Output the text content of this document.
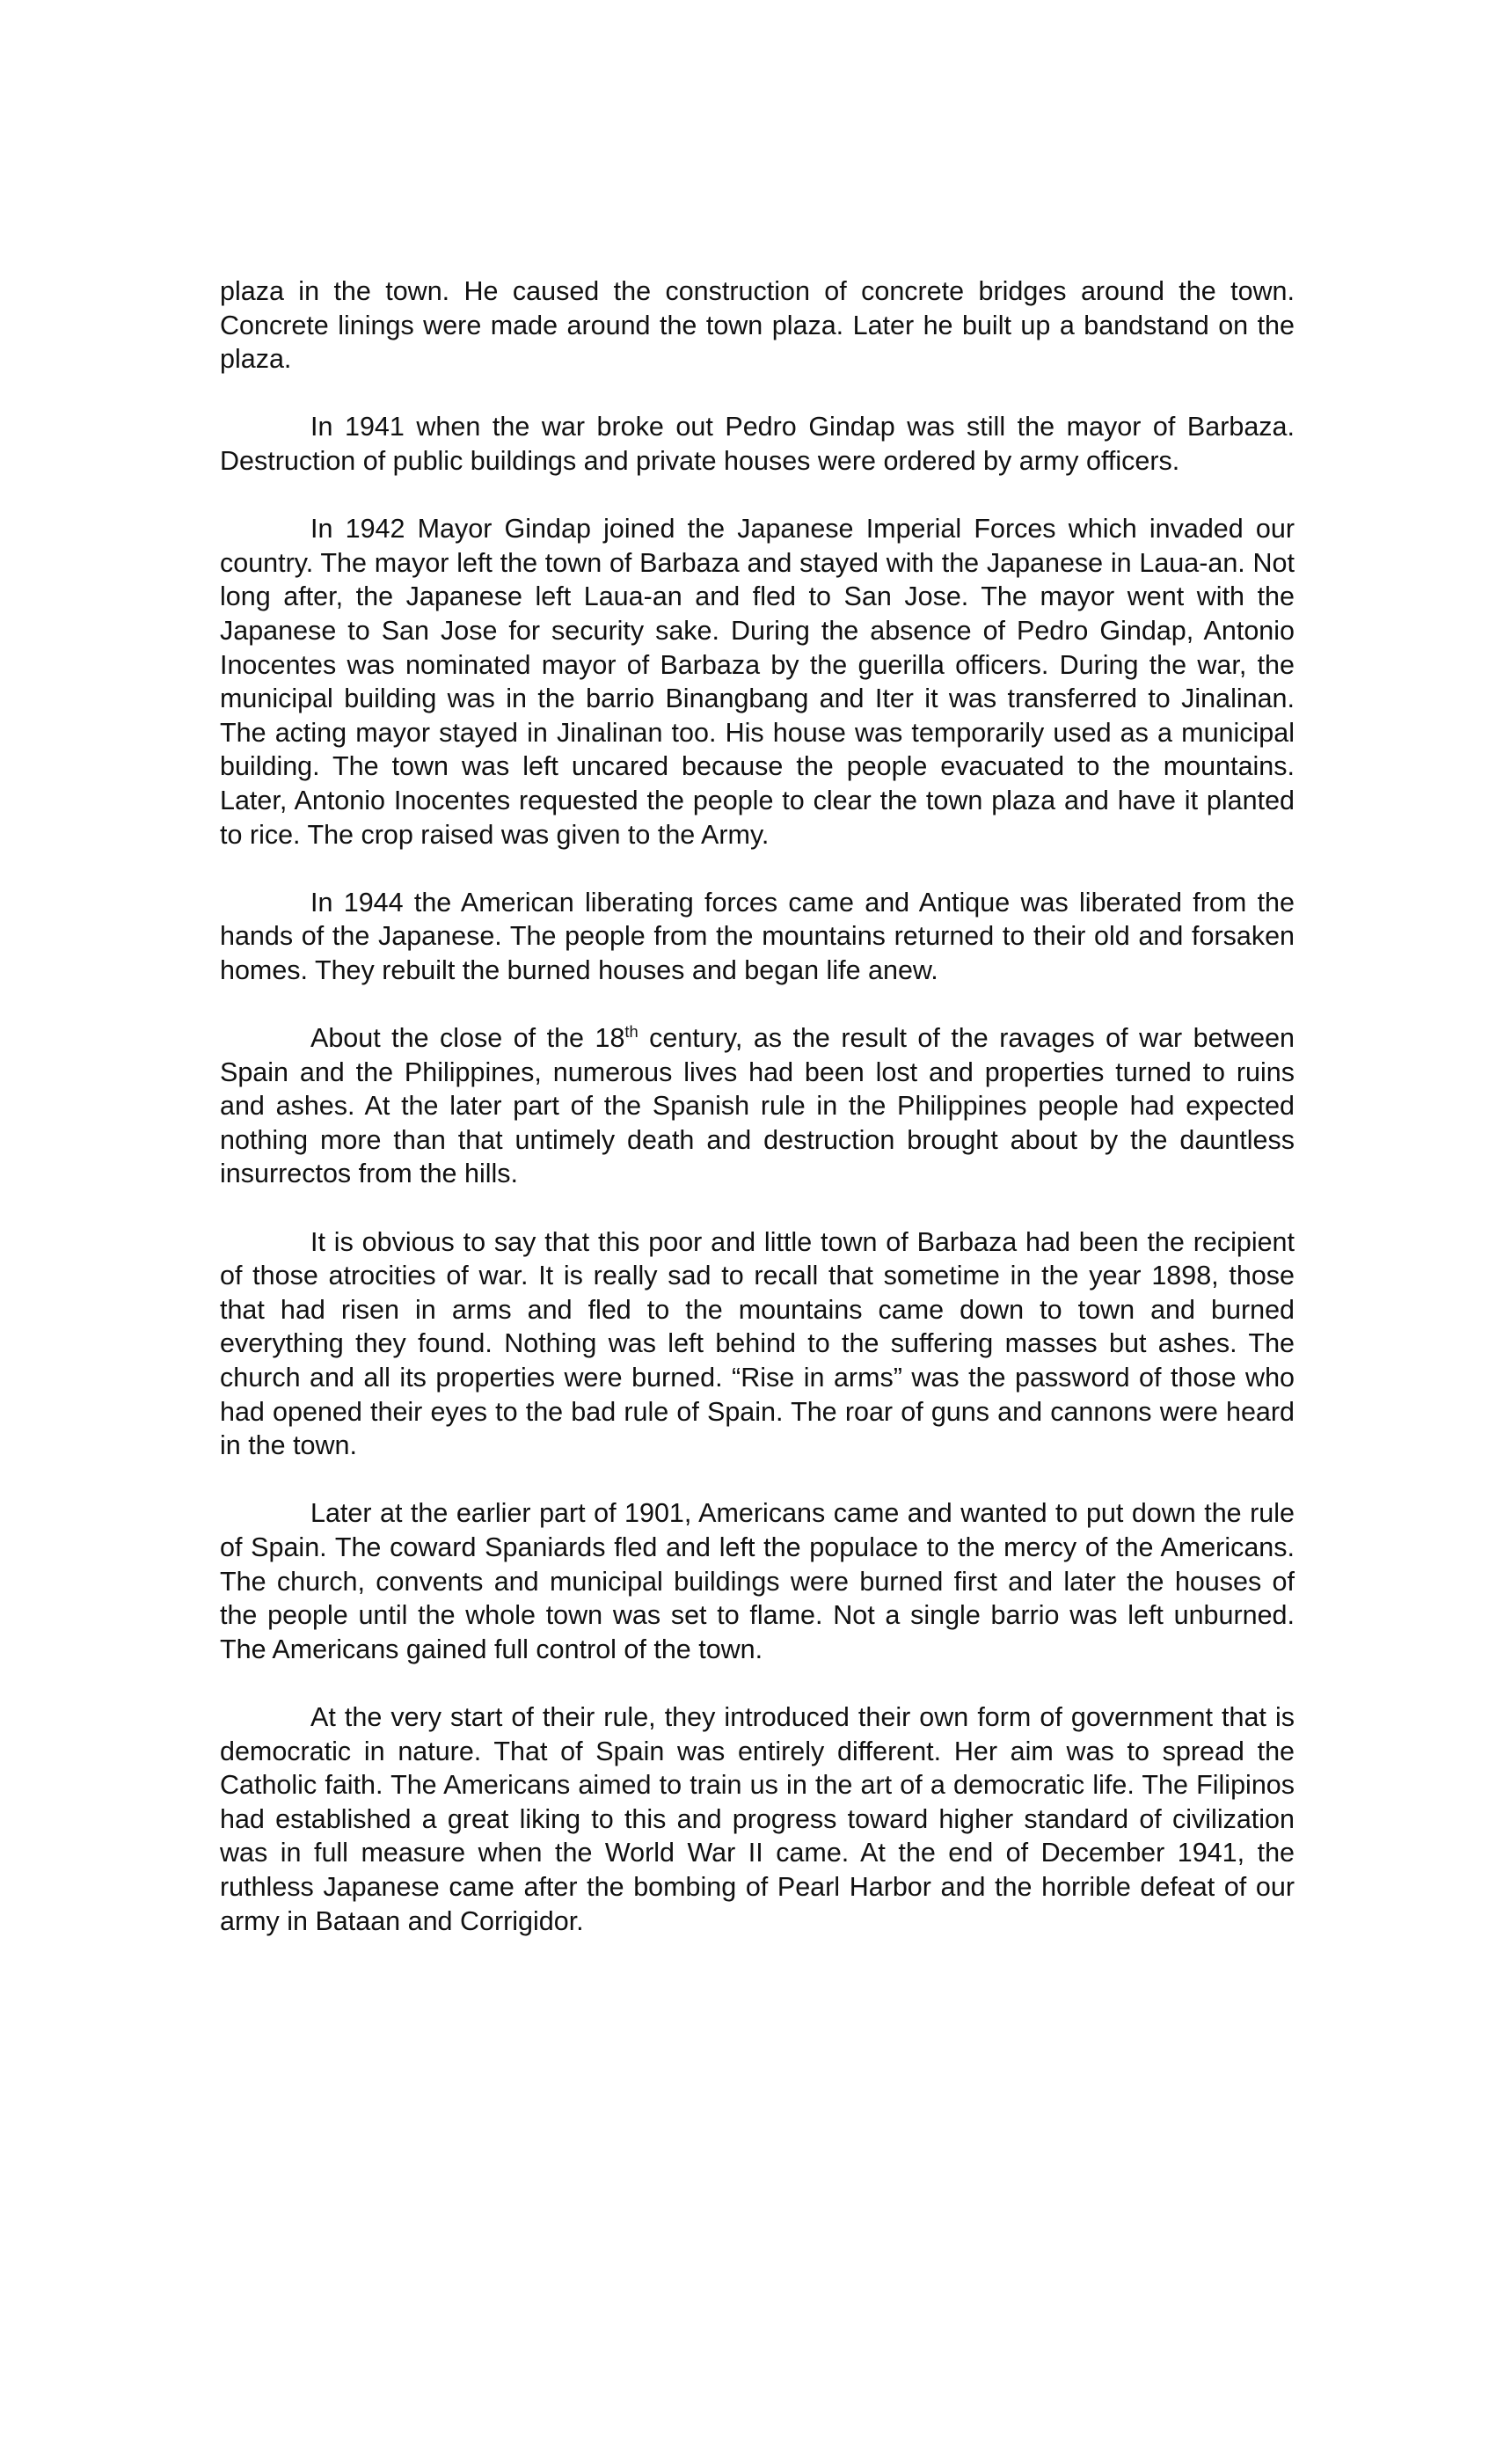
plaza in the town. He caused the construction of concrete bridges around the town. Concrete linings were made around the town plaza. Later he built up a bandstand on the plaza.

In 1941 when the war broke out Pedro Gindap was still the mayor of Barbaza. Destruction of public buildings and private houses were ordered by army officers.

In 1942 Mayor Gindap joined the Japanese Imperial Forces which invaded our country. The mayor left the town of Barbaza and stayed with the Japanese in Laua-an. Not long after, the Japanese left Laua-an and fled to San Jose. The mayor went with the Japanese to San Jose for security sake. During the absence of Pedro Gindap, Antonio Inocentes was nominated mayor of Barbaza by the guerilla officers. During the war, the municipal building was in the barrio Binangbang and Iter it was transferred to Jinalinan. The acting mayor stayed in Jinalinan too. His house was temporarily used as a municipal building. The town was left uncared because the people evacuated to the mountains. Later, Antonio Inocentes requested the people to clear the town plaza and have it planted to rice. The crop raised was given to the Army.

In 1944 the American liberating forces came and Antique was liberated from the hands of the Japanese. The people from the mountains returned to their old and forsaken homes. They rebuilt the burned houses and began life anew.

About the close of the 18th century, as the result of the ravages of war between Spain and the Philippines, numerous lives had been lost and properties turned to ruins and ashes. At the later part of the Spanish rule in the Philippines people had expected nothing more than that untimely death and destruction brought about by the dauntless insurrectos from the hills.

It is obvious to say that this poor and little town of Barbaza had been the recipient of those atrocities of war. It is really sad to recall that sometime in the year 1898, those that had risen in arms and fled to the mountains came down to town and burned everything they found. Nothing was left behind to the suffering masses but ashes. The church and all its properties were burned. “Rise in arms” was the password of those who had opened their eyes to the bad rule of Spain. The roar of guns and cannons were heard in the town.

Later at the earlier part of 1901, Americans came and wanted to put down the rule of Spain. The coward Spaniards fled and left the populace to the mercy of the Americans. The church, convents and municipal buildings were burned first and later the houses of the people until the whole town was set to flame. Not a single barrio was left unburned. The Americans gained full control of the town.

At the very start of their rule, they introduced their own form of government that is democratic in nature. That of Spain was entirely different. Her aim was to spread the Catholic faith. The Americans aimed to train us in the art of a democratic life. The Filipinos had established a great liking to this and progress toward higher standard of civilization was in full measure when the World War II came. At the end of December 1941, the ruthless Japanese came after the bombing of Pearl Harbor and the horrible defeat of our army in Bataan and Corrigidor.
